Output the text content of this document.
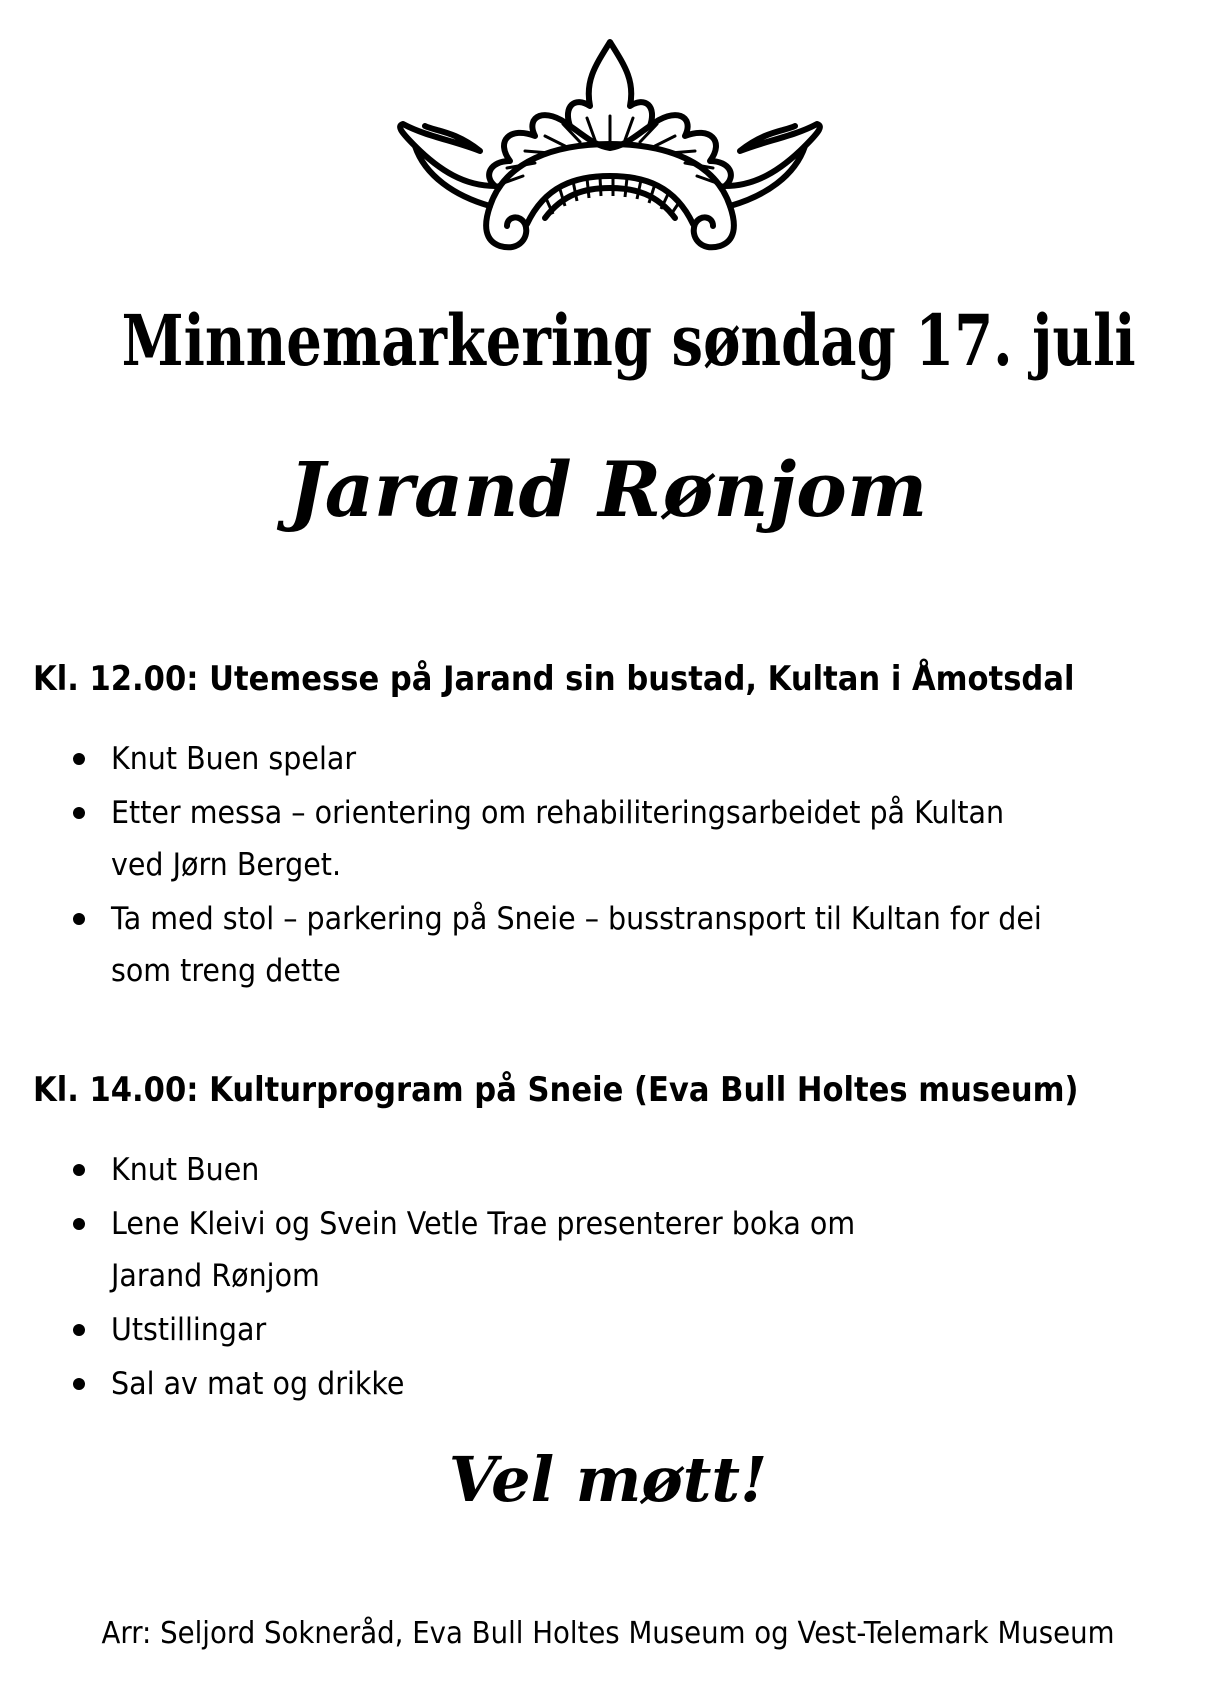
Minnemarkering søndag 17. juli
Jarand Rønjom
Kl. 12.00: Utemesse på Jarand sin bustad, Kultan i Åmotsdal
Knut Buen spelar
Etter messa – orientering om rehabiliteringsarbeidet på Kultan
ved Jørn Berget.
Ta med stol – parkering på Sneie – busstransport til Kultan for dei
som treng dette
Kl. 14.00: Kulturprogram på Sneie (Eva Bull Holtes museum)
Knut Buen
Lene Kleivi og Svein Vetle Trae presenterer boka om
Jarand Rønjom
Utstillingar
Sal av mat og drikke
Vel møtt!
Arr: Seljord Sokneråd, Eva Bull Holtes Museum og Vest-Telemark Museum
